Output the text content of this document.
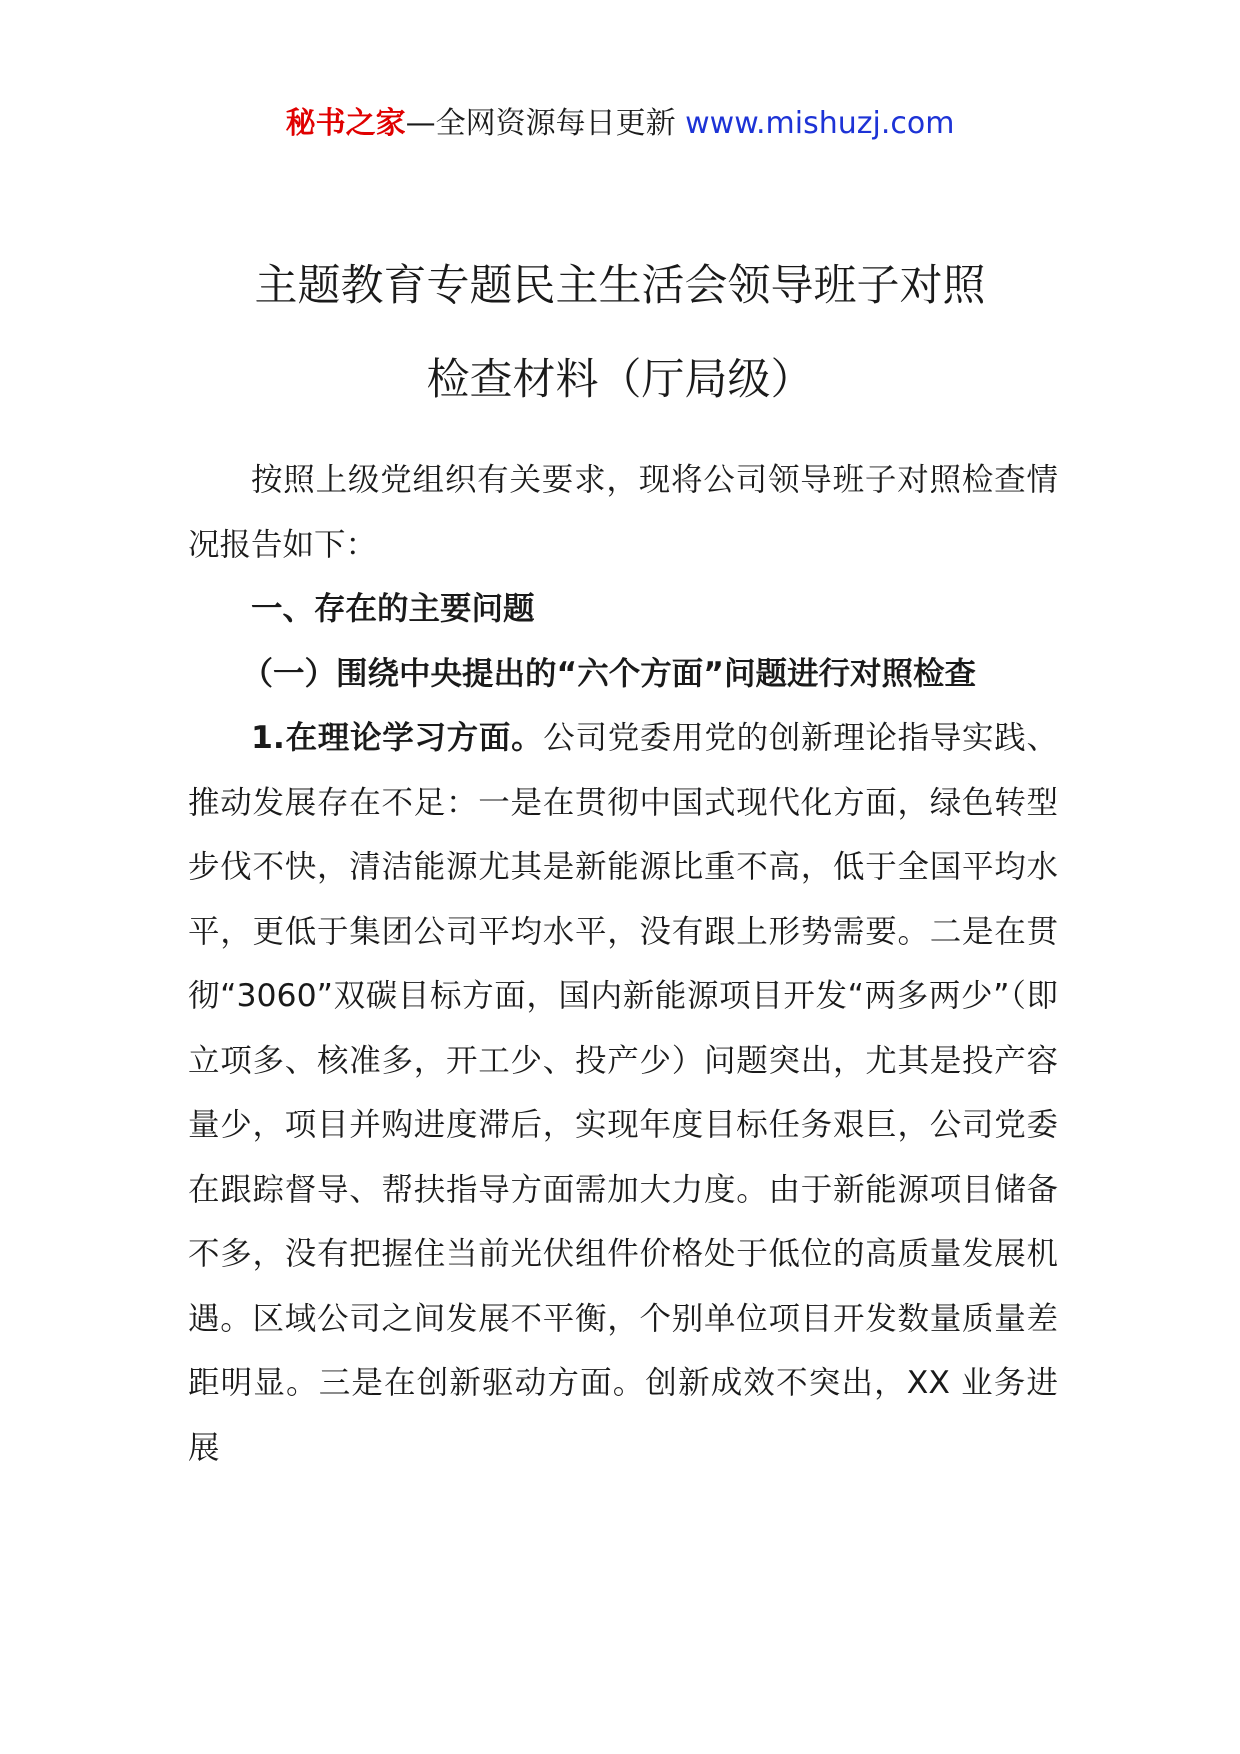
秘书之家—全网资源每日更新 www.mishuzj.com
主题教育专题民主生活会领导班子对照
检查材料（厅局级）

按照上级党组织有关要求，现将公司领导班子对照检查情况报告如下：

一、存在的主要问题

（一）围绕中央提出的“六个方面”问题进行对照检查

1.在理论学习方面。公司党委用党的创新理论指导实践、推动发展存在不足：一是在贯彻中国式现代化方面，绿色转型步伐不快，清洁能源尤其是新能源比重不高，低于全国平均水平，更低于集团公司平均水平，没有跟上形势需要。二是在贯彻“3060”双碳目标方面，国内新能源项目开发“两多两少”（即立项多、核准多，开工少、投产少）问题突出，尤其是投产容量少，项目并购进度滞后，实现年度目标任务艰巨，公司党委在跟踪督导、帮扶指导方面需加大力度。由于新能源项目储备不多，没有把握住当前光伏组件价格处于低位的高质量发展机遇。区域公司之间发展不平衡，个别单位项目开发数量质量差距明显。三是在创新驱动方面。创新成效不突出，XX 业务进展
